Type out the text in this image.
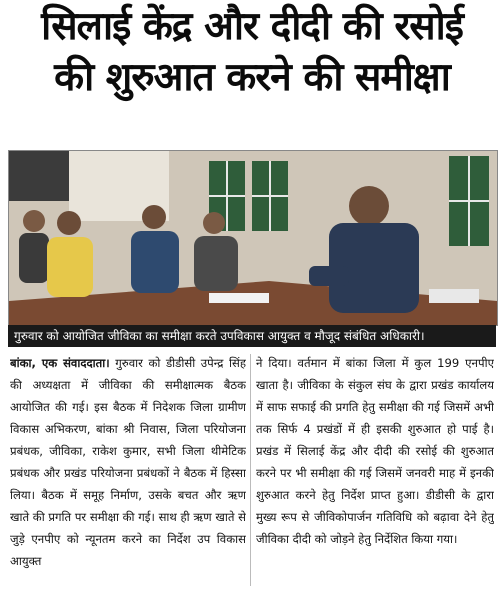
सिलाई केंद्र और दीदी की रसोई
की शुरुआत करने की समीक्षा
गुरुवार को आयोजित जीविका का समीक्षा करते उपविकास आयुक्त व मौजूद संबंधित अधिकारी।
बांका, एक संवाददाता। गुरुवार को डीडीसी उपेन्द्र सिंह की अध्यक्षता में जीविका की समीक्षात्मक बैठक आयोजित की गई। इस बैठक में निदेशक जिला ग्रामीण विकास अभिकरण, बांका श्री निवास, जिला परियोजना प्रबंधक, जीविका, राकेश कुमार, सभी जिला थीमेटिक प्रबंधक और प्रखंड परियोजना प्रबंधकों ने बैठक में हिस्सा लिया। बैठक में समूह निर्माण, उसके बचत और ऋण खाते की प्रगति पर समीक्षा की गई। साथ ही ऋण खाते से जुड़े एनपीए को न्यूनतम करने का निर्देश उप विकास आयुक्त
ने दिया। वर्तमान में बांका जिला में कुल 199 एनपीए खाता है। जीविका के संकुल संघ के द्वारा प्रखंड कार्यालय में साफ सफाई की प्रगति हेतु समीक्षा की गई जिसमें अभी तक सिर्फ 4 प्रखंडों में ही इसकी शुरुआत हो पाई है। प्रखंड में सिलाई केंद्र और दीदी की रसोई की शुरुआत करने पर भी समीक्षा की गई जिसमें जनवरी माह में इनकी शुरुआत करने हेतु निर्देश प्राप्त हुआ। डीडीसी के द्वारा मुख्य रूप से जीविकोपार्जन गतिविधि को बढ़ावा देने हेतु जीविका दीदी को जोड़ने हेतु निर्देशित किया गया।
